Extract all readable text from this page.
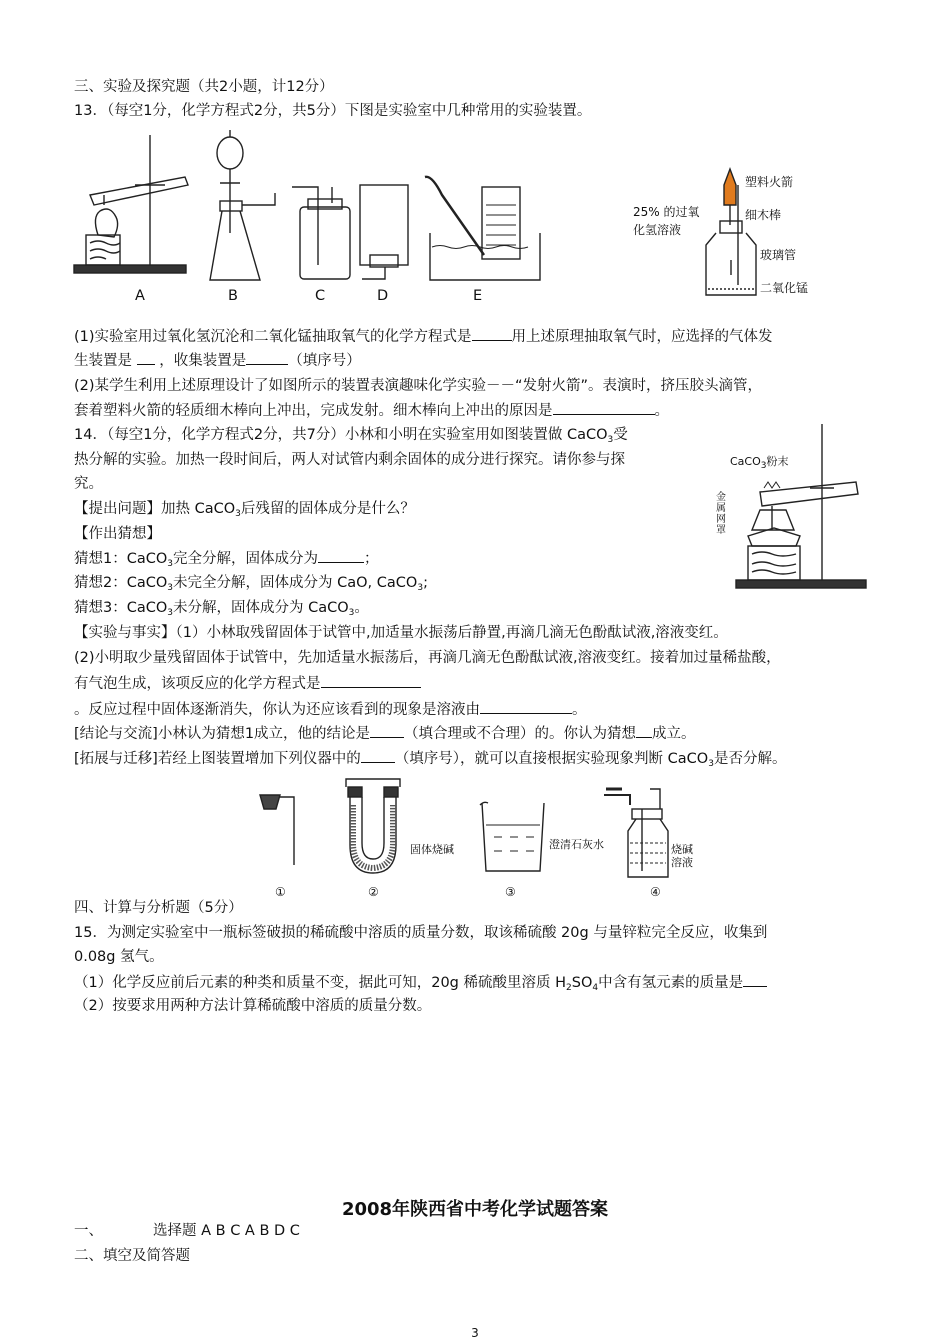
三、实验及探究题（共2小题，计12分）
13．（每空1分，化学方程式2分，共5分）下图是实验室中几种常用的实验装置。
A	B	C	D	E
塑料火箭
细木棒
25% 的过氧
化氢溶液
玻璃管
二氧化锰
(1)实验室用过氧化氢沉沦和二氧化锰抽取氧气的化学方程式是	用上述原理抽取氧气时，应选择的气体发
生装置是 ，收集装置是	（填序号）
(2)某学生利用上述原理设计了如图所示的装置表演趣味化学实验－－“发射火箭”。表演时，挤压胶头滴管，
套着塑料火箭的轻质细木棒向上冲出，完成发射。细木棒向上冲出的原因是	。
14．（每空1分，化学方程式2分，共7分）小林和小明在实验室用如图装置做 CaCO$_3$受
热分解的实验。加热一段时间后，两人对试管内剩余固体的成分进行探究。请你参与探
究。
CaCO$_3$粉末
金属网罩
【提出问题】加热 CaCO$_3$后残留的固体成分是什么？
【作出猜想】
猜想1：CaCO$_3$完全分解，固体成分为	；
猜想2：CaCO$_3$未完全分解，固体成分为 CaO, CaCO$_3$;
猜想3：CaCO$_3$未分解，固体成分为 CaCO$_3$。
【实验与事实】（1）小林取残留固体于试管中,加适量水振荡后静置,再滴几滴无色酚酞试液,溶液变红。
(2)小明取少量残留固体于试管中，先加适量水振荡后，再滴几滴无色酚酞试液,溶液变红。接着加过量稀盐酸，
有气泡生成，该项反应的化学方程式是
。反应过程中固体逐渐消失，你认为还应该看到的现象是溶液由	。
[结论与交流]小林认为猜想1成立，他的结论是 （填合理或不合理）的。你认为猜想 成立。
[拓展与迁移]若经上图装置增加下列仪器中的 （填序号），就可以直接根据实验现象判断 CaCO$_3$是否分解。
固体烧碱	澄清石灰水	烧碱
溶液
①	②	③	④
四、计算与分析题（5分）
15．为测定实验室中一瓶标签破损的稀硫酸中溶质的质量分数，取该稀硫酸 20g 与量锌粒完全反应，收集到
0.08g 氢气。
（1）化学反应前后元素的种类和质量不变，据此可知，20g 稀硫酸里溶质 $H_2SO_4$中含有氢元素的质量是
（2）按要求用两种方法计算稀硫酸中溶质的质量分数。
2008年陕西省中考化学试题答案
一、	选择题 A B C A B D C
二、填空及简答题
3
